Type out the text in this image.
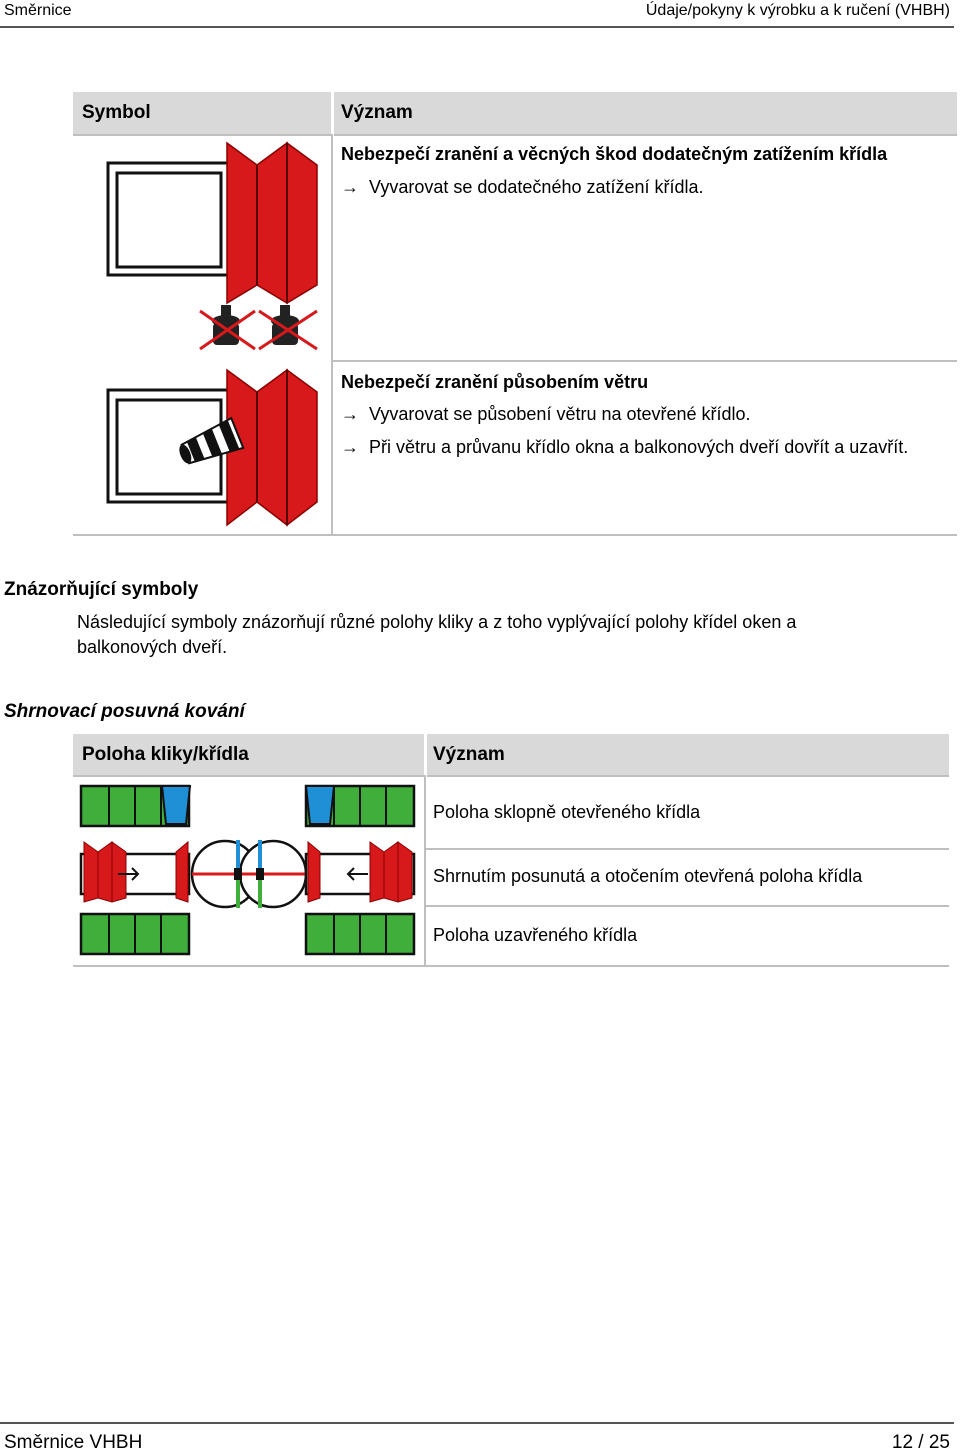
Směrnice	Údaje/pokyny k výrobku a k ručení (VHBH)
Symbol	Význam
Nebezpečí zranění a věcných škod dodatečným zatížením křídla
→ Vyvarovat se dodatečného zatížení křídla.
Nebezpečí zranění působením větru
→ Vyvarovat se působení větru na otevřené křídlo.
→ Při větru a průvanu křídlo okna a balkonových dveří dovřít a uzavřít.
Znázorňující symboly
Následující symboly znázorňují různé polohy kliky a z toho vyplývající polohy křídel oken a balkonových dveří.
Shrnovací posuvná kování
Poloha kliky/křídla	Význam
Poloha sklopně otevřeného křídla
Shrnutím posunutá a otočením otevřená poloha křídla
Poloha uzavřeného křídla
Směrnice VHBH	12 / 25
